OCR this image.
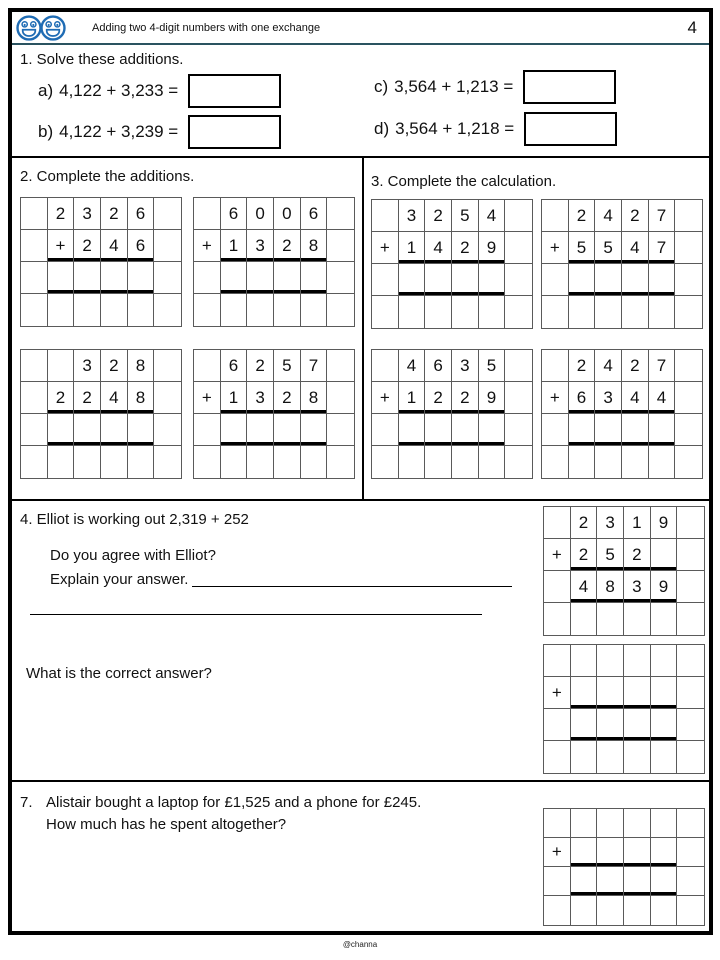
Adding two 4-digit numbers with one exchange	4
1. Solve these additions.
a) 4,122 + 3,233 =
b) 4,122 + 3,239 =
c) 3,564 + 1,213 =
d) 3,564 + 1,218 =
2. Complete the additions.
2	3	2	6
+ 2	4	6
6	0	0	6
+ 1	3	2	8
3	2	8
2	2	4	8
6	2	5	7
+ 1	3	2	8
3. Complete the calculation.
3	2	5	4
+ 1	4	2	9
2	4	2	7
+ 5	5	4	7
4	6	3	5
+ 1	2	2	9
2	4	2	7
+ 6	3	4	4
4. Elliot is working out 2,319 + 252
Do you agree with Elliot?
Explain your answer.
What is the correct answer?
2	3	1	9
+ 2	5	2
4	8	3	9
+
7. Alistair bought a laptop for £1,525 and a phone for £245.
How much has he spent altogether?
+
@channa
